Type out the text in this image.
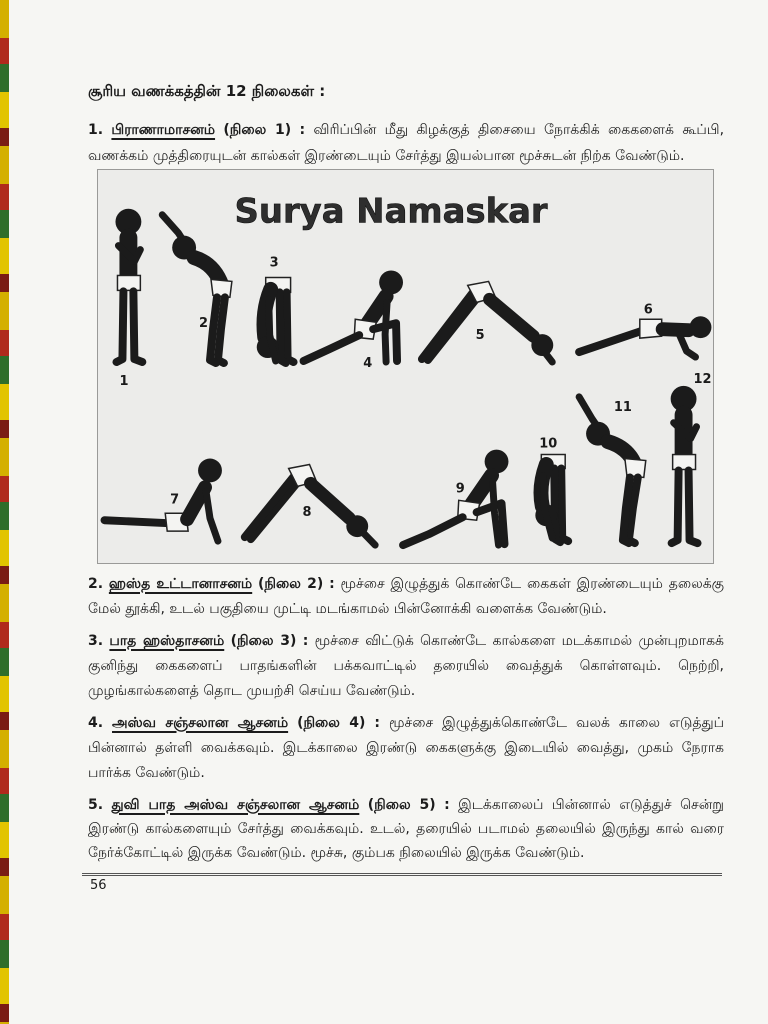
சூரிய வணக்கத்தின் 12 நிலைகள் :

1. பிராணாமாசனம் (நிலை 1) : விரிப்பின் மீது கிழக்குத் திசையை நோக்கிக் கைகளைக் கூப்பி, வணக்கம் முத்திரையுடன் கால்கள் இரண்டையும் சேர்த்து இயல்பான மூச்சுடன் நிற்க வேண்டும்.

Surya Namaskar
1
2
3
4
5
6
7
8
9
10
11
12

2. ஹஸ்த உட்டானாசனம் (நிலை 2) : மூச்சை இழுத்துக் கொண்டே கைகள் இரண்டையும் தலைக்கு மேல் தூக்கி, உடல் பகுதியை முட்டி மடங்காமல் பின்னோக்கி வளைக்க வேண்டும்.

3. பாத ஹஸ்தாசனம் (நிலை 3) : மூச்சை விட்டுக் கொண்டே கால்களை மடக்காமல் முன்புறமாகக் குனிந்து கைகளைப் பாதங்களின் பக்கவாட்டில் தரையில் வைத்துக் கொள்ளவும். நெற்றி, முழங்கால்களைத் தொட முயற்சி செய்ய வேண்டும்.

4. அஸ்வ சஞ்சலான ஆசனம் (நிலை 4) : மூச்சை இழுத்துக்கொண்டே வலக் காலை எடுத்துப் பின்னால் தள்ளி வைக்கவும். இடக்காலை இரண்டு கைகளுக்கு இடையில் வைத்து, முகம் நேராக பார்க்க வேண்டும்.

5. துவி பாத அஸ்வ சஞ்சலான ஆசனம் (நிலை 5) : இடக்காலைப் பின்னால் எடுத்துச் சென்று இரண்டு கால்களையும் சேர்த்து வைக்கவும். உடல், தரையில் படாமல் தலையில் இருந்து கால் வரை நேர்க்கோட்டில் இருக்க வேண்டும். மூச்சு, கும்பக நிலையில் இருக்க வேண்டும்.

56
